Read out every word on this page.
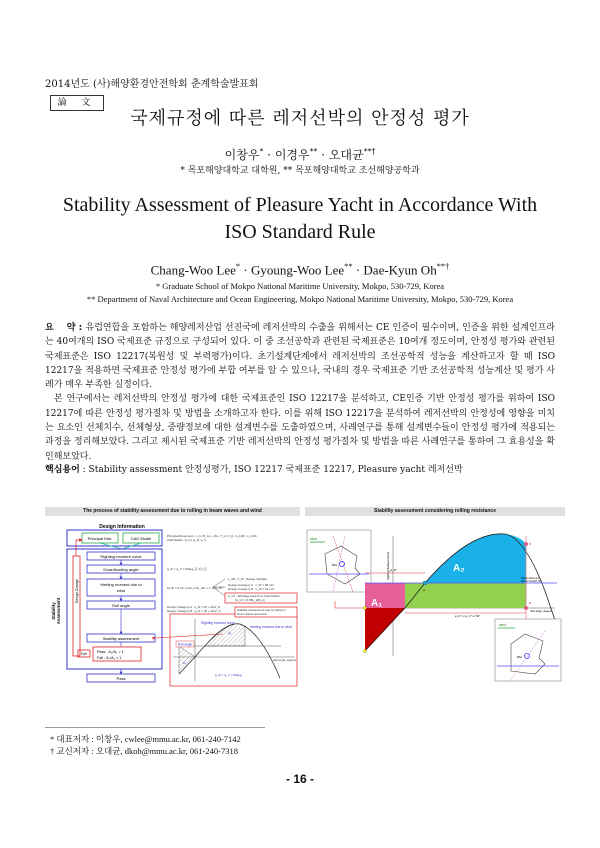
2014년도 (사)해양환경안전학회 춘계학술발표회
論 文
국제규정에 따른 레저선박의 안정성 평가
이창우* · 이경우** · 오대균**†
* 목포해양대학교 대학원, ** 목포해양대학교 조선해양공학과
Stability Assessment of Pleasure Yacht in Accordance With
ISO Standard Rule
Chang-Woo Lee* · Gyoung-Woo Lee** · Dae-Kyun Oh**†
* Graduate School of Mokpo National Maritime University, Mokpo, 530-729, Korea
** Department of Naval Architecture and Ocean Engineering, Mokpo National Maritime University, Mokpo, 530-729, Korea

요    약 : 유럽연합을 포함하는 해양레저산업 선진국에 레저선박의 수출을 위해서는 CE 인증이 필수이며, 인증을 위한 설계인프라는 40여개의 ISO 국제표준 규정으로 구성되어 있다. 이 중 조선공학과 관련된 국제표준은 10여개 정도이며, 안정성 평가와 관련된 국제표준은 ISO 12217(복원성 및 부력평가)이다. 초기설계단계에서 레저선박의 조선공학적 성능을 계산하고자 할 때 ISO 12217을 적용하면 국제표준 안정성 평가에 부합 여부를 알 수 있으나, 국내의 경우 국제표준 기반 조선공학적 성능계산 및 평가 사례가 매우 부족한 실정이다.

본 연구에서는 레저선박의 안정성 평가에 대한 국제표준인 ISO 12217을 분석하고, CE인증 기반 안정성 평가를 위하여 ISO 12217에 따른 안정성 평가절차 및 방법을 소개하고자 한다. 이를 위해 ISO 12217을 분석하여 레저선박의 안정성에 영향을 미치는 요소인 선체치수, 선체형상, 중량정보에 대한 설계변수를 도출하였으며, 사례연구를 통해 설계변수들이 안정성 평가에 적용되는 과정을 정리해보았다. 그리고 제시된 국제표준 기반 레저선박의 안정성 평가절차 및 방법을 따른 사례연구를 통하여 그 효용성을 확인해보았다.

핵심용어 : Stability assessment 안정성평가, ISO 12217 국제표준 12217, Pleasure yacht 레저선박
The process of stability assessment due to rolling in beam waves and wind
Design Information
Principal Dim.	CAD Model
Stability Assessment
Righting moment curve
Downflooding angle
Heeling moment due to
wind
Roll angle
Stability assessment
Pass : A₂/A₁ > 1
Fail : A₂/A₁ < 1
Fail
Design Change
Pass
Principal Dimension : L_H, B_H, L_WL, T_H, V_D, m_LDC, m_LDC
CAD Model : A_LV, φ_D, φ_V
φ_D = φ_V = 50deg 중 최소값
M_W = 0.3A_LV(A_LV/L_WL + T_M)v_W²
L_WL, T_M : Design Variable
Design Category A : v_W = 28 m/s
Design Category B : v_W = 21 m/s
A_LV : Windage Area from CAD Model
(A_LV = 0.55L_HB_H)
Design Category A : φ_R = 25 + 20/V_D
Design Category B : φ_R = 20 + 20/V_D	Stability assessment due to rolling in
beam waves and wind
Righting moment curve
Heeling moment due to wind
Roll angle
A₁
A₂
φ_D = φ_V = 50deg
Heel angle, degrees
Stability assessment considering rolling resistance
wind
RM	Righting/Heeling moment
Heel angle, degrees
φ_R°
φ_D° or φ_V° or 50°
A₁
A₂
A
B
B
Heeling Moment
due to wind(M_W)
wind
RM
* 대표저자 : 이창우, cwlee@mmu.ac.kr, 061-240-7142
† 교신저자 : 오대균, dkoh@mmu.ac.kr, 061-240-7318
- 16 -
